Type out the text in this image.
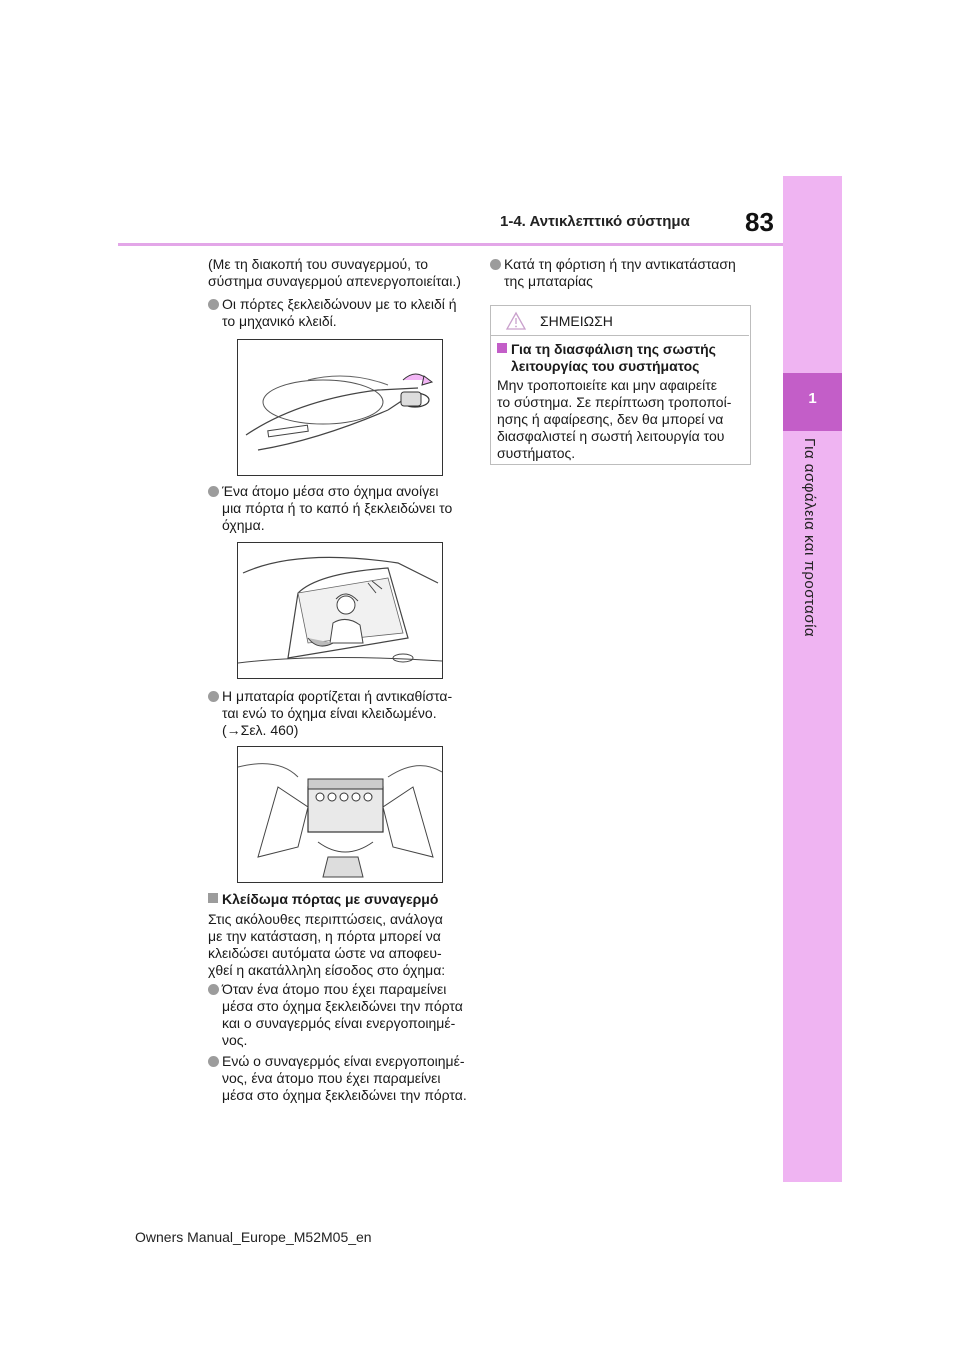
1-4. Αντικλεπτικό σύστημα 83
1
Για ασφάλεια και προστασία
(Με τη διακοπή του συναγερμού, το
σύστημα συναγερμού απενεργοποιείται.)
Οι πόρτες ξεκλειδώνουν με το κλειδί ή
το μηχανικό κλειδί.
Ένα άτομο μέσα στο όχημα ανοίγει
μια πόρτα ή το καπό ή ξεκλειδώνει το
όχημα.
Η μπαταρία φορτίζεται ή αντικαθίστα-
ται ενώ το όχημα είναι κλειδωμένο.
(→Σελ. 460)
Κλείδωμα πόρτας με συναγερμό
Στις ακόλουθες περιπτώσεις, ανάλογα
με την κατάσταση, η πόρτα μπορεί να
κλειδώσει αυτόματα ώστε να αποφευ-
χθεί η ακατάλληλη είσοδος στο όχημα:
Όταν ένα άτομο που έχει παραμείνει
μέσα στο όχημα ξεκλειδώνει την πόρτα
και ο συναγερμός είναι ενεργοποιημέ-
νος.
Ενώ ο συναγερμός είναι ενεργοποιημέ-
νος, ένα άτομο που έχει παραμείνει
μέσα στο όχημα ξεκλειδώνει την πόρτα.
Κατά τη φόρτιση ή την αντικατάσταση
της μπαταρίας
ΣΗΜΕΙΩΣΗ
Για τη διασφάλιση της σωστής
λειτουργίας του συστήματος
Μην τροποποιείτε και μην αφαιρείτε
το σύστημα. Σε περίπτωση τροποποί-
ησης ή αφαίρεσης, δεν θα μπορεί να
διασφαλιστεί η σωστή λειτουργία του
συστήματος.
Owners Manual_Europe_M52M05_en
